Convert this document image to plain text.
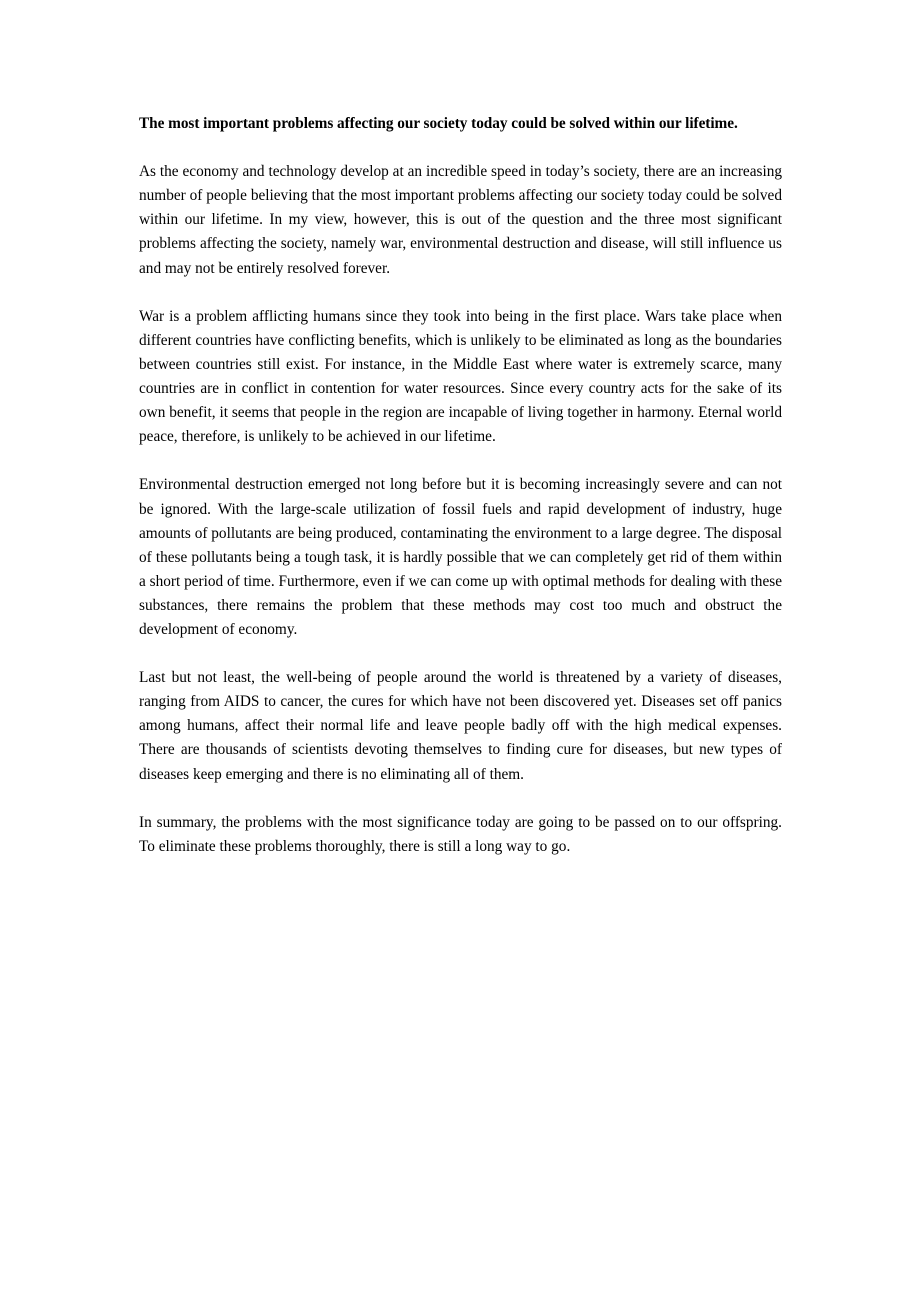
The most important problems affecting our society today could be solved within our lifetime.

As the economy and technology develop at an incredible speed in today’s society, there are an increasing number of people believing that the most important problems affecting our society today could be solved within our lifetime. In my view, however, this is out of the question and the three most significant problems affecting the society, namely war, environmental destruction and disease, will still influence us and may not be entirely resolved forever.

War is a problem afflicting humans since they took into being in the first place. Wars take place when different countries have conflicting benefits, which is unlikely to be eliminated as long as the boundaries between countries still exist. For instance, in the Middle East where water is extremely scarce, many countries are in conflict in contention for water resources. Since every country acts for the sake of its own benefit, it seems that people in the region are incapable of living together in harmony. Eternal world peace, therefore, is unlikely to be achieved in our lifetime.

Environmental destruction emerged not long before but it is becoming increasingly severe and can not be ignored. With the large-scale utilization of fossil fuels and rapid development of industry, huge amounts of pollutants are being produced, contaminating the environment to a large degree. The disposal of these pollutants being a tough task, it is hardly possible that we can completely get rid of them within a short period of time. Furthermore, even if we can come up with optimal methods for dealing with these substances, there remains the problem that these methods may cost too much and obstruct the development of economy.

Last but not least, the well-being of people around the world is threatened by a variety of diseases, ranging from AIDS to cancer, the cures for which have not been discovered yet. Diseases set off panics among humans, affect their normal life and leave people badly off with the high medical expenses. There are thousands of scientists devoting themselves to finding cure for diseases, but new types of diseases keep emerging and there is no eliminating all of them.

In summary, the problems with the most significance today are going to be passed on to our offspring. To eliminate these problems thoroughly, there is still a long way to go.
